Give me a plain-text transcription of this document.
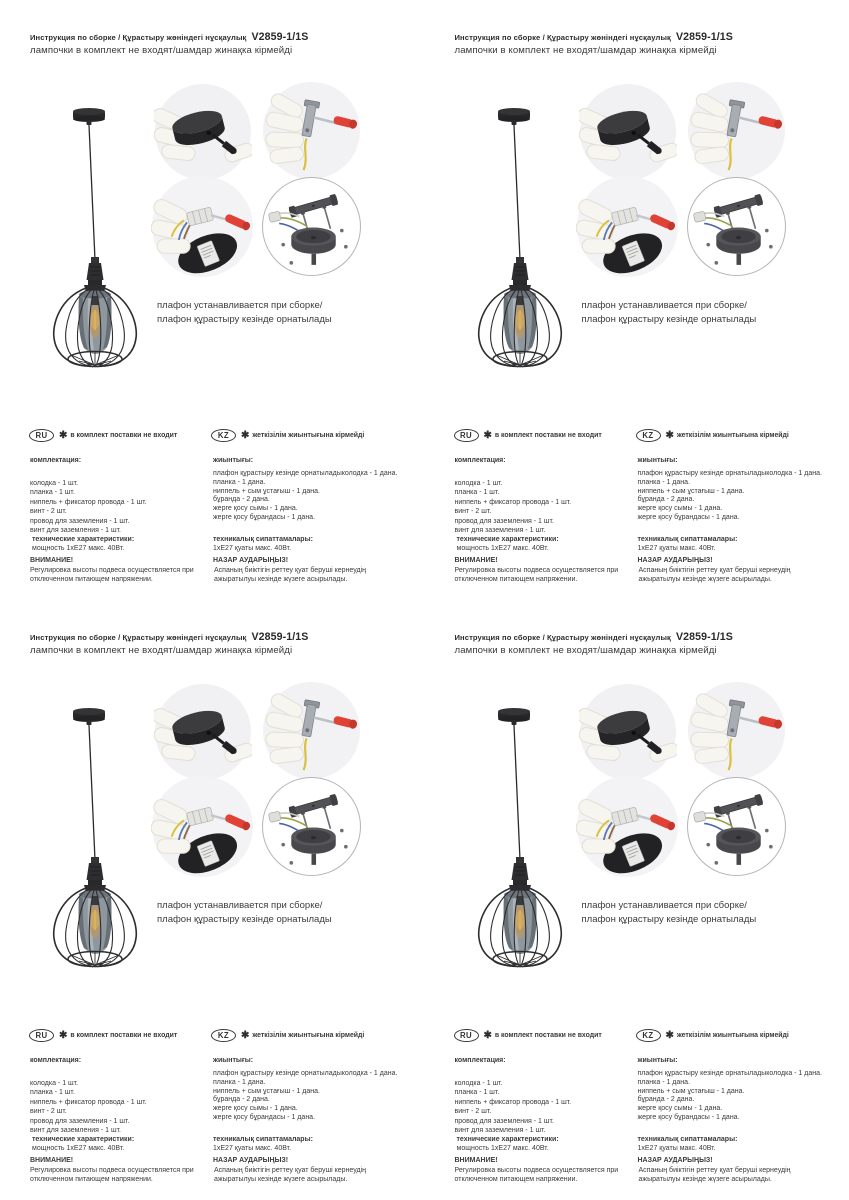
Инструкция по сборке / Құрастыру жөніндегі нұсқаулық V2859-1/1S
лампочки в комплект не входят/шамдар жинақка кірмейді
плафон устанавливается при сборке/
плафон құрастыру кезінде орнатылады
RU	✱ в комплект поставки не входит	KZ	✱ жеткізілім жиынтығына кірмейді
комплектация:
колодка - 1 шт.
планка - 1 шт.
ниппель + фиксатор провода - 1 шт.
винт - 2 шт.
провод для заземления - 1 шт.
винт для заземления - 1 шт.
технические характеристики:
мощность 1хЕ27 макс. 40Вт.
ВНИМАНИЕ!
Регулировка высоты подвеса осуществляется при отключенном питающем напряжении.
жиынтығы:
плафон құрастыру кезінде орнатыладыколодка - 1 дана.
планка - 1 дана.
ниппель + сым ұстағыш - 1 дана.
бұранда - 2 дана.
жерге қосу сымы - 1 дана.
жерге қосу бұрандасы - 1 дана.
техникалық сипаттамалары:
1хЕ27 қуаты макс. 40Вт.
НАЗАР АУДАРЫҢЫЗ!
Аспаның биіктігін реттеу қуат беруші кернеудің ажыратылуы кезінде жүзеге асырылады.
Инструкция по сборке / Құрастыру жөніндегі нұсқаулық V2859-1/1S
лампочки в комплект не входят/шамдар жинақка кірмейді
плафон устанавливается при сборке/
плафон құрастыру кезінде орнатылады
RU	✱ в комплект поставки не входит	KZ	✱ жеткізілім жиынтығына кірмейді
комплектация:
колодка - 1 шт.
планка - 1 шт.
ниппель + фиксатор провода - 1 шт.
винт - 2 шт.
провод для заземления - 1 шт.
винт для заземления - 1 шт.
технические характеристики:
мощность 1хЕ27 макс. 40Вт.
ВНИМАНИЕ!
Регулировка высоты подвеса осуществляется при отключенном питающем напряжении.
жиынтығы:
плафон құрастыру кезінде орнатыладыколодка - 1 дана.
планка - 1 дана.
ниппель + сым ұстағыш - 1 дана.
бұранда - 2 дана.
жерге қосу сымы - 1 дана.
жерге қосу бұрандасы - 1 дана.
техникалық сипаттамалары:
1хЕ27 қуаты макс. 40Вт.
НАЗАР АУДАРЫҢЫЗ!
Аспаның биіктігін реттеу қуат беруші кернеудің ажыратылуы кезінде жүзеге асырылады.
Инструкция по сборке / Құрастыру жөніндегі нұсқаулық V2859-1/1S
лампочки в комплект не входят/шамдар жинақка кірмейді
плафон устанавливается при сборке/
плафон құрастыру кезінде орнатылады
RU	✱ в комплект поставки не входит	KZ	✱ жеткізілім жиынтығына кірмейді
комплектация:
колодка - 1 шт.
планка - 1 шт.
ниппель + фиксатор провода - 1 шт.
винт - 2 шт.
провод для заземления - 1 шт.
винт для заземления - 1 шт.
технические характеристики:
мощность 1хЕ27 макс. 40Вт.
ВНИМАНИЕ!
Регулировка высоты подвеса осуществляется при отключенном питающем напряжении.
жиынтығы:
плафон құрастыру кезінде орнатыладыколодка - 1 дана.
планка - 1 дана.
ниппель + сым ұстағыш - 1 дана.
бұранда - 2 дана.
жерге қосу сымы - 1 дана.
жерге қосу бұрандасы - 1 дана.
техникалық сипаттамалары:
1хЕ27 қуаты макс. 40Вт.
НАЗАР АУДАРЫҢЫЗ!
Аспаның биіктігін реттеу қуат беруші кернеудің ажыратылуы кезінде жүзеге асырылады.
Инструкция по сборке / Құрастыру жөніндегі нұсқаулық V2859-1/1S
лампочки в комплект не входят/шамдар жинақка кірмейді
плафон устанавливается при сборке/
плафон құрастыру кезінде орнатылады
RU	✱ в комплект поставки не входит	KZ	✱ жеткізілім жиынтығына кірмейді
комплектация:
колодка - 1 шт.
планка - 1 шт.
ниппель + фиксатор провода - 1 шт.
винт - 2 шт.
провод для заземления - 1 шт.
винт для заземления - 1 шт.
технические характеристики:
мощность 1хЕ27 макс. 40Вт.
ВНИМАНИЕ!
Регулировка высоты подвеса осуществляется при отключенном питающем напряжении.
жиынтығы:
плафон құрастыру кезінде орнатыладыколодка - 1 дана.
планка - 1 дана.
ниппель + сым ұстағыш - 1 дана.
бұранда - 2 дана.
жерге қосу сымы - 1 дана.
жерге қосу бұрандасы - 1 дана.
техникалық сипаттамалары:
1хЕ27 қуаты макс. 40Вт.
НАЗАР АУДАРЫҢЫЗ!
Аспаның биіктігін реттеу қуат беруші кернеудің ажыратылуы кезінде жүзеге асырылады.
